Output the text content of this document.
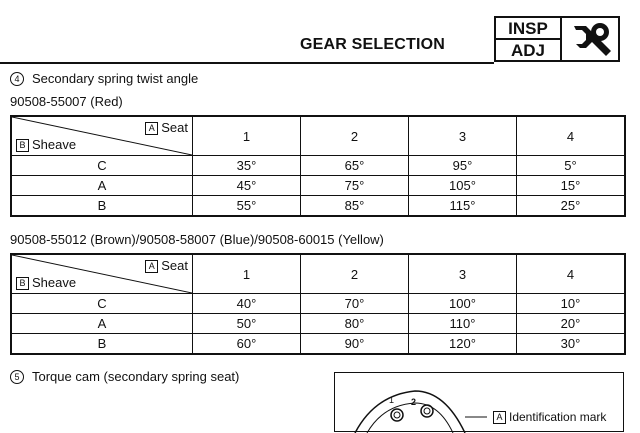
GEAR SELECTION
INSP
ADJ
4 Secondary spring twist angle
90508-55007 (Red)
A Seat
B Sheave	1	2	3	4
C	35°	65°	95°	5°
A	45°	75°	105°	15°
B	55°	85°	115°	25°
90508-55012 (Brown)/90508-58007 (Blue)/90508-60015 (Yellow)
A Seat
B Sheave	1	2	3	4
C	40°	70°	100°	10°
A	50°	80°	110°	20°
B	60°	90°	120°	30°
5 Torque cam (secondary spring seat)
1 2
A Identification mark
